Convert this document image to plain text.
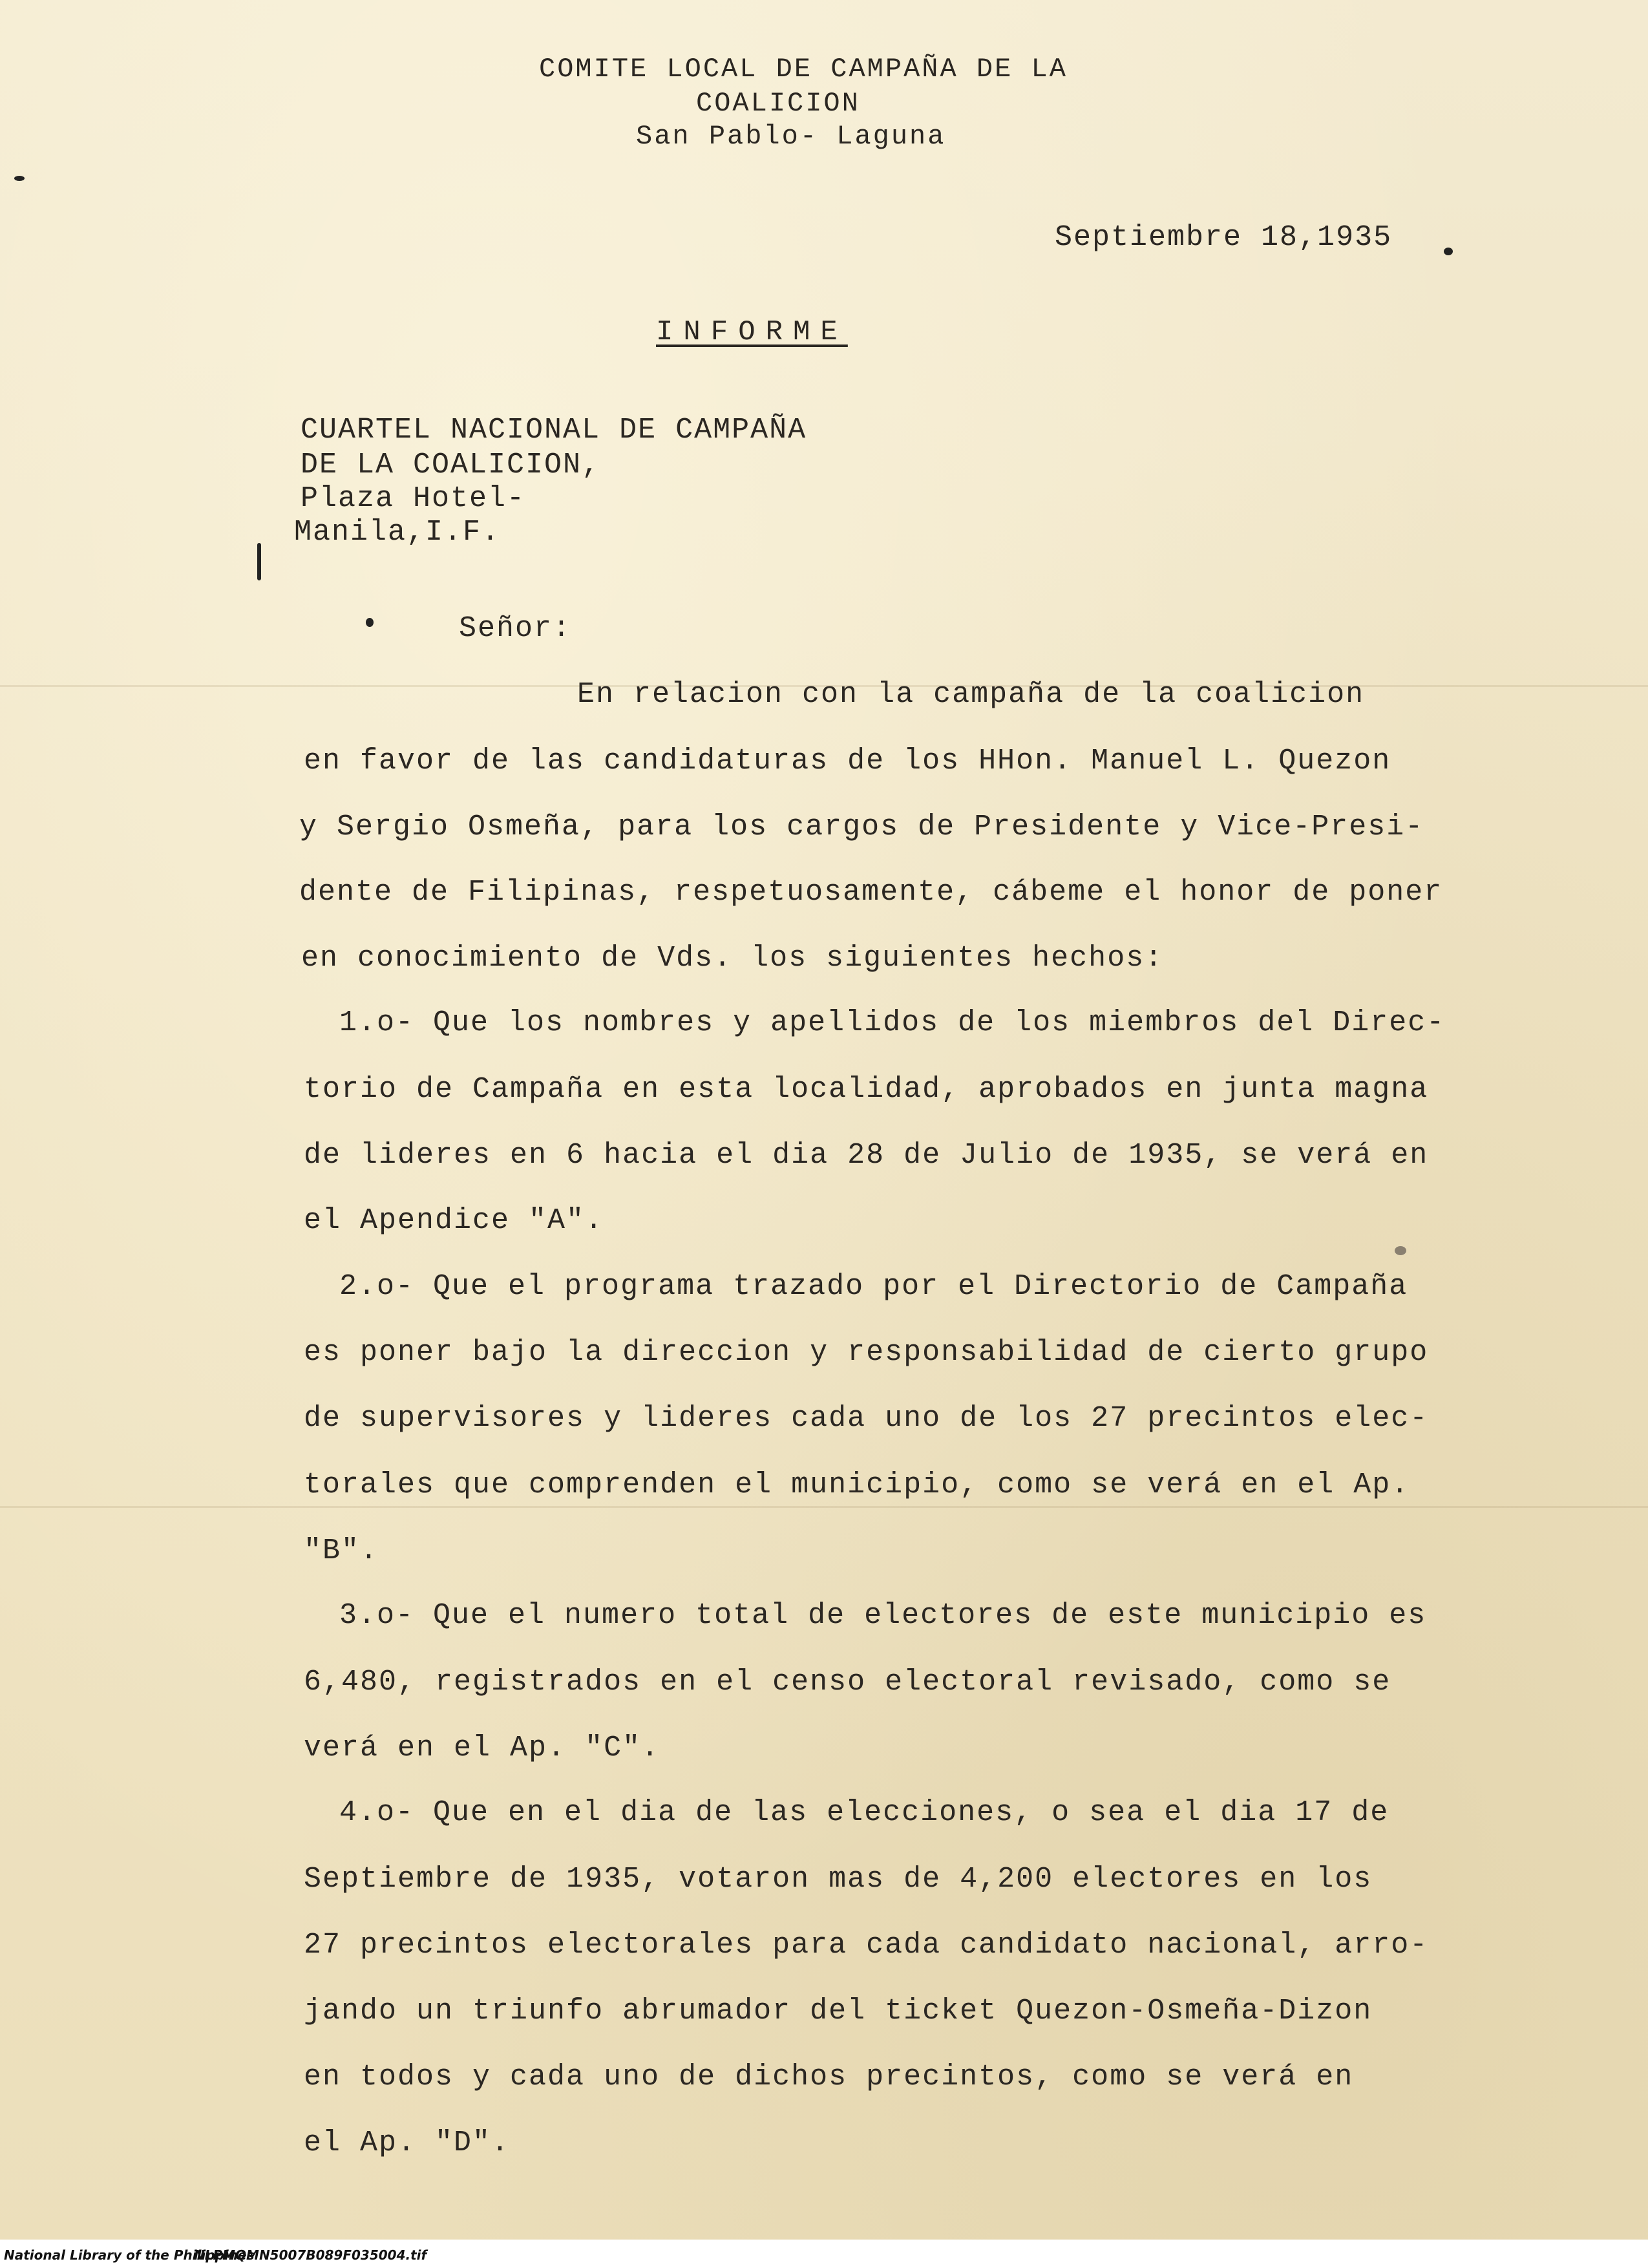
COMITE LOCAL DE CAMPAÑA DE LA
COALICION
San Pablo- Laguna
Septiembre 18,1935
INFORME
CUARTEL NACIONAL DE CAMPAÑA
DE LA COALICION,
Plaza Hotel-
Manila,I.F.
Señor:
En relacion con la campaña de la coalicion
en favor de las candidaturas de los HHon. Manuel L. Quezon
y Sergio Osmeña, para los cargos de Presidente y Vice-Presi-
dente de Filipinas, respetuosamente, cábeme el honor de poner
en conocimiento de Vds. los siguientes hechos:
1.o- Que los nombres y apellidos de los miembros del Direc-
torio de Campaña en esta localidad, aprobados en junta magna
de lideres en 6 hacia el dia 28 de Julio de 1935, se verá en
el Apendice "A".
2.o- Que el programa trazado por el Directorio de Campaña
es poner bajo la direccion y responsabilidad de cierto grupo
de supervisores y lideres cada uno de los 27 precintos elec-
torales que comprenden el municipio, como se verá en el Ap.
"B".
3.o- Que el numero total de electores de este municipio es
6,480, registrados en el censo electoral revisado, como se
verá en el Ap. "C".
4.o- Que en el dia de las elecciones, o sea el dia 17 de
Septiembre de 1935, votaron mas de 4,200 electores en los
27 precintos electorales para cada candidato nacional, arro-
jando un triunfo abrumador del ticket Quezon-Osmeña-Dizon
en todos y cada uno de dichos precintos, como se verá en
el Ap. "D".
National Library of the Philippines
NLPMQMN5007B089F035004.tif
